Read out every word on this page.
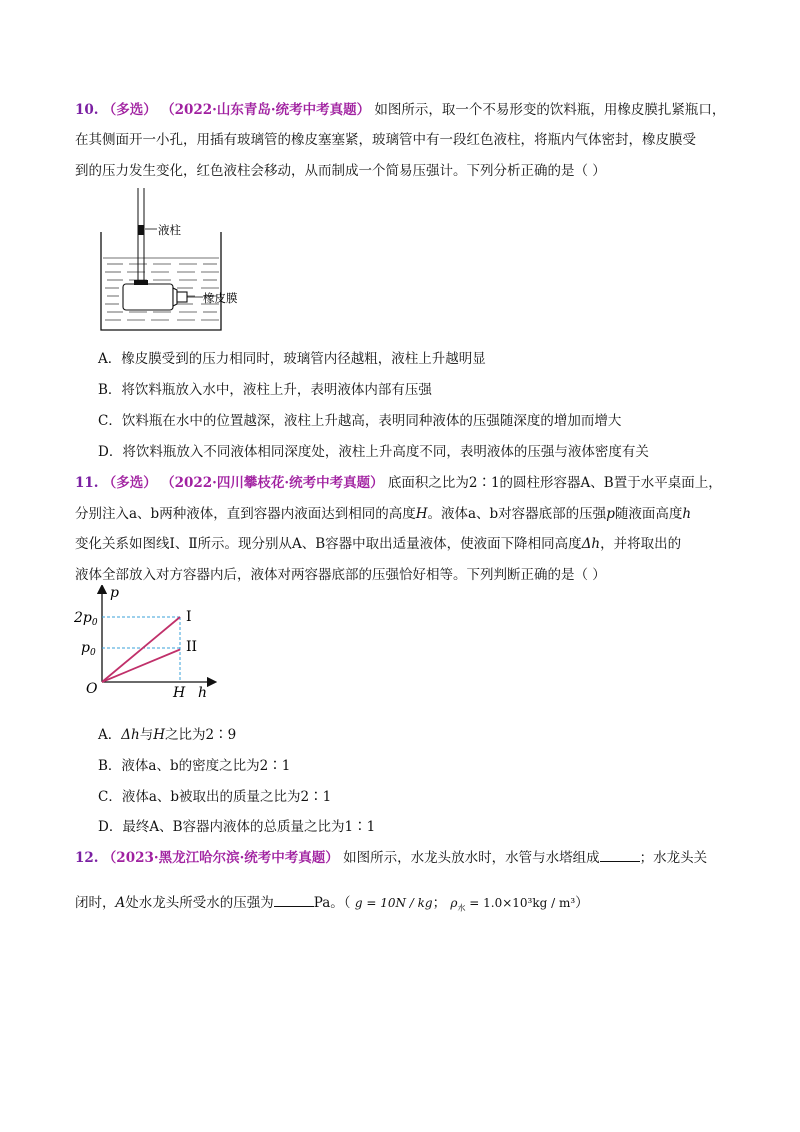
10. （多选） （2022·山东青岛·统考中考真题） 如图所示，取一个不易形变的饮料瓶，用橡皮膜扎紧瓶口，
在其侧面开一小孔，用插有玻璃管的橡皮塞塞紧，玻璃管中有一段红色液柱，将瓶内气体密封，橡皮膜受
到的压力发生变化，红色液柱会移动，从而制成一个简易压强计。下列分析正确的是（ ）
液柱
橡皮膜
A．橡皮膜受到的压力相同时，玻璃管内径越粗，液柱上升越明显
B．将饮料瓶放入水中，液柱上升，表明液体内部有压强
C．饮料瓶在水中的位置越深，液柱上升越高，表明同种液体的压强随深度的增加而增大
D．将饮料瓶放入不同液体相同深度处，液柱上升高度不同，表明液体的压强与液体密度有关
11. （多选） （2022·四川攀枝花·统考中考真题） 底面积之比为2∶1的圆柱形容器A、B置于水平桌面上，
分别注入a、b两种液体，直到容器内液面达到相同的高度H。液体a、b对容器底部的压强p随液面高度h
变化关系如图线Ⅰ、Ⅱ所示。现分别从A、B容器中取出适量液体，使液面下降相同高度Δh，并将取出的
液体全部放入对方容器内后，液体对两容器底部的压强恰好相等。下列判断正确的是（ ）
p
h
$2p_0$
$p_0$
O	H
I
II
A．Δh与H之比为2∶9
B．液体a、b的密度之比为2∶1
C．液体a、b被取出的质量之比为2∶1
D．最终A、B容器内液体的总质量之比为1∶1
12. （2023·黑龙江哈尔滨·统考中考真题） 如图所示，水龙头放水时，水管与水塔组成	；水龙头关
闭时，A处水龙头所受水的压强为	Pa。（ g = 10N / kg； $\rho_水 = 1.0\times 10^3kg / m^3$）
